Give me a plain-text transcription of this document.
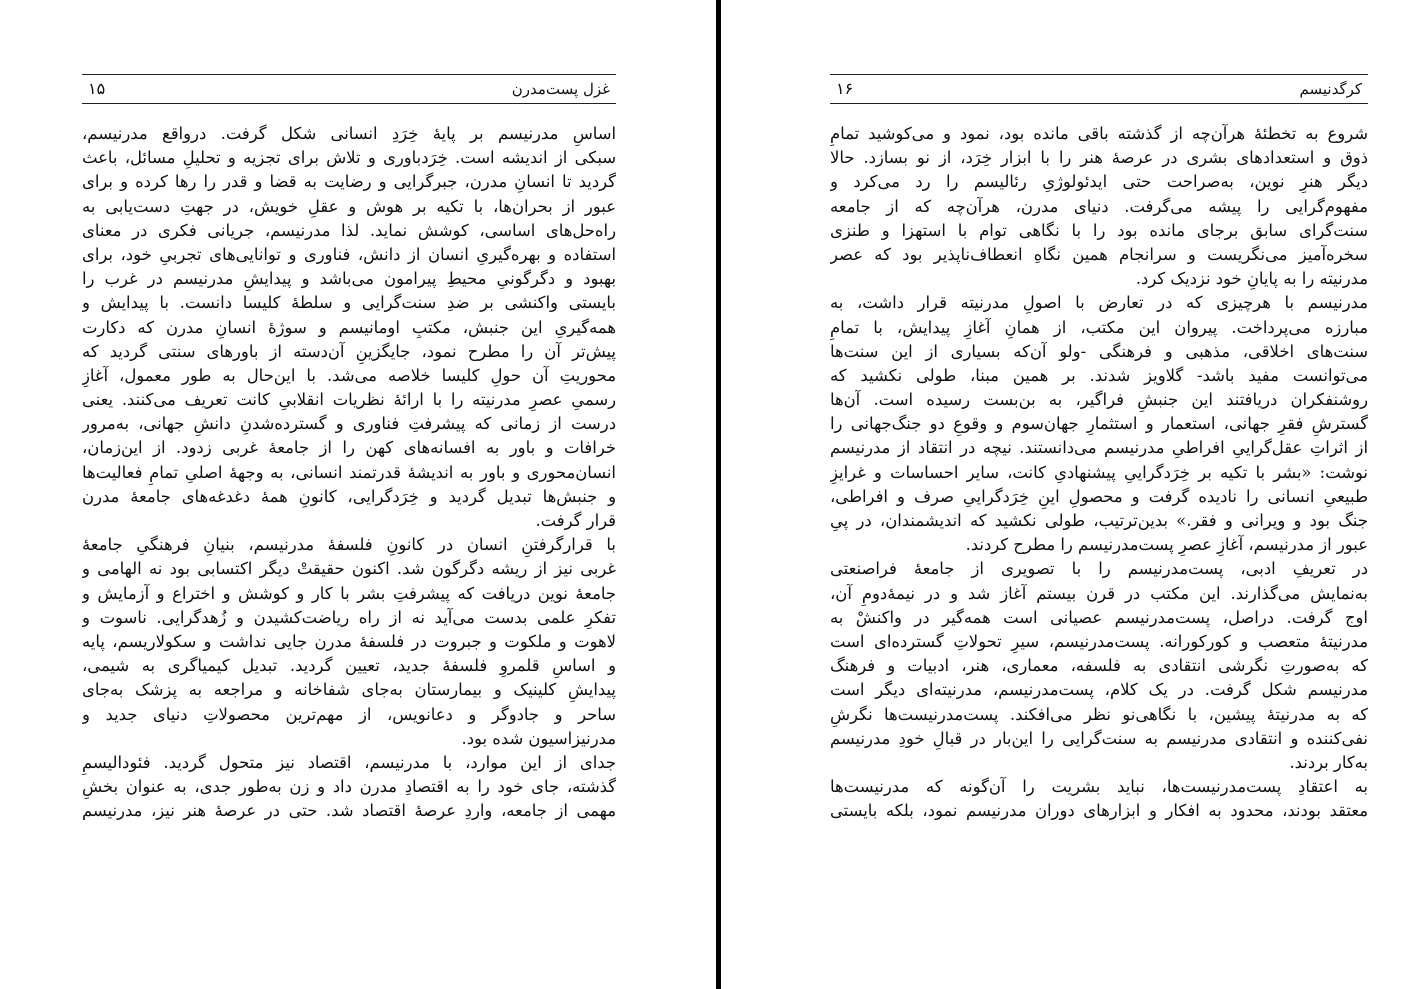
غزل پست‌مدرن
۱۵
اساسِ مدرنیسم بر پایهٔ خِرَدِ انسانی شکل گرفت. درواقع مدرنیسم،
سبکی از اندیشه است. خِرَدباوری و تلاش برای تجزیه و تحلیلِ مسائل، باعث
گردید تا انسانِ مدرن، جبرگرایی و رضایت به قضا و قدر را رها کرده و برای
عبور از بحران‌ها، با تکیه بر هوش و عقلِ خویش، در جهتِ دست‌یابی به
راه‌حل‌های اساسی، کوشش نماید. لذا مدرنیسم، جریانی فکری در معنای
استفاده و بهره‌گیریِ انسان از دانش، فناوری و توانایی‌های تجربیِ خود، برای
بهبود و دگرگونیِ محیطِ پیرامون می‌باشد و پیدایشِ مدرنیسم در غرب را
بایستی واکنشی بر ضدِ سنت‌گرایی و سلطهٔ کلیسا دانست. با پیدایش و
همه‌گیریِ این جنبش، مکتبِ اومانیسم و سوژهٔ انسانِ مدرن که دکارت
پیش‌تر آن را مطرح نمود، جایگزینِ آن‌دسته از باورهای سنتی گردید که
محوریتِ آن حولِ کلیسا خلاصه می‌شد. با این‌حال به طور معمول، آغازِ
رسمیِ عصرِ مدرنیته را با ارائهٔ نظریات انقلابیِ کانت تعریف می‌کنند. یعنی
درست از زمانی که پیشرفتِ فناوری و گسترده‌شدنِ دانشِ جهانی، به‌مرور
خرافات و باور به افسانه‌های کهن را از جامعهٔ غربی زدود. از این‌زمان،
انسان‌محوری و باور به اندیشهٔ قدرتمند انسانی، به وجههٔ اصلیِ تمامِ فعالیت‌ها
و جنبش‌ها تبدیل گردید و خِرَدگرایی، کانونِ همهٔ دغدغه‌های جامعهٔ مدرن
قرار گرفت.
با قرارگرفتنِ انسان در کانونِ فلسفهٔ مدرنیسم، بنیانِ فرهنگیِ جامعهٔ
غربی نیز از ریشه دگرگون شد. اکنون حقیقتْ دیگر اکتسابی بود نه الهامی و
جامعهٔ نوین دریافت که پیشرفتِ بشر با کار و کوشش و اختراع و آزمایش و
تفکرِ علمی بدست می‌آید نه از راه ریاضت‌کشیدن و زُهدگرایی. ناسوت و
لاهوت و ملکوت و جبروت در فلسفهٔ مدرن جایی نداشت و سکولاریسم، پایه
و اساسِ قلمروِ فلسفهٔ جدید، تعیین گردید. تبدیل کیمیاگری به شیمی،
پیدایشِ کلینیک و بیمارستان به‌جای شفاخانه و مراجعه به پزشک به‌جای
ساحر و جادوگر و دعانویس، از مهم‌ترین محصولاتِ دنیای جدید و
مدرنیزاسیون شده بود.
جدای از این موارد، با مدرنیسم، اقتصاد نیز متحول گردید. فئودالیسمِ
گذشته، جای خود را به اقتصادِ مدرن داد و زن به‌طور جدی، به عنوان بخشِ
مهمی از جامعه، واردِ عرصهٔ اقتصاد شد. حتی در عرصهٔ هنر نیز، مدرنیسم
کرگدنیسم
۱۶
شروع به تخطئهٔ هرآن‌چه از گذشته باقی مانده بود، نمود و می‌کوشید تمامِ
ذوق و استعدادهای بشری در عرصهٔ هنر را با ابزار خِرَد، از نو بسازد. حالا
دیگر هنرِ نوین، به‌صراحت حتی ایدئولوژیِ رئالیسم را رد می‌کرد و
مفهوم‌گرایی را پیشه می‌گرفت. دنیای مدرن، هرآن‌چه که از جامعه
سنت‌گرای سابق برجای مانده بود را با نگاهی توام با استهزا و طنزی
سخره‌آمیز می‌نگریست و سرانجام همین نگاهِ انعطاف‌ناپذیر بود که عصر
مدرنیته را به پایانِ خود نزدیک کرد.
مدرنیسم با هرچیزی که در تعارض با اصولِ مدرنیته قرار داشت، به
مبارزه می‌پرداخت. پیروان این مکتب، از همانِ آغازِ پیدایش، با تمامِ
سنت‌های اخلاقی، مذهبی و فرهنگی -ولو آن‌که بسیاری از این سنت‌ها
می‌توانست مفید باشد- گلاویز شدند. بر همین مبنا، طولی نکشید که
روشنفکران دریافتند این جنبشِ فراگیر، به بن‌بست رسیده است. آن‌ها
گسترشِ فقرِ جهانی، استعمار و استثمارِ جهان‌سوم و وقوعِ دو جنگ‌جهانی را
از اثراتِ عقل‌گراییِ افراطیِ مدرنیسم می‌دانستند. نیچه در انتقاد از مدرنیسم
نوشت: «بشر با تکیه بر خِرَدگراییِ پیشنهادیِ کانت، سایر احساسات و غرایزِ
طبیعیِ انسانی را نادیده گرفت و محصولِ اینِ خِرَدگراییِ صرف و افراطی،
جنگ بود و ویرانی و فقر.» بدین‌ترتیب، طولی نکشید که اندیشمندان، در پیِ
عبور از مدرنیسم، آغازِ عصرِ پست‌مدرنیسم را مطرح کردند.
در تعریفِ ادبی، پست‌مدرنیسم را با تصویری از جامعهٔ فراصنعتی
به‌نمایش می‌گذارند. این مکتب در قرن بیستم آغاز شد و در نیمهٔ‌دومِ آن،
اوج گرفت. دراصل، پست‌مدرنیسم عصیانی است همه‌گیر در واکنشْ به
مدرنیتهٔ متعصب و کورکورانه. پست‌مدرنیسم، سیرِ تحولاتِ گسترده‌ای است
که به‌صورتِ نگرشی انتقادی به فلسفه، معماری، هنر، ادبیات و فرهنگ
مدرنیسم شکل گرفت. در یک کلام، پست‌مدرنیسم، مدرنیته‌ای دیگر است
که به مدرنیتهٔ پیشین، با نگاهی‌نو نظر می‌افکند. پست‌مدرنیست‌ها نگرشِ
نفی‌کننده و انتقادی مدرنیسم به سنت‌گرایی را این‌بار در قبالِ خودِ مدرنیسم
به‌کار بردند.
به اعتقادِ پست‌مدرنیست‌ها، نباید بشریت را آن‌گونه که مدرنیست‌ها
معتقد بودند، محدود به افکار و ابزارهای دوران مدرنیسم نمود، بلکه بایستی
